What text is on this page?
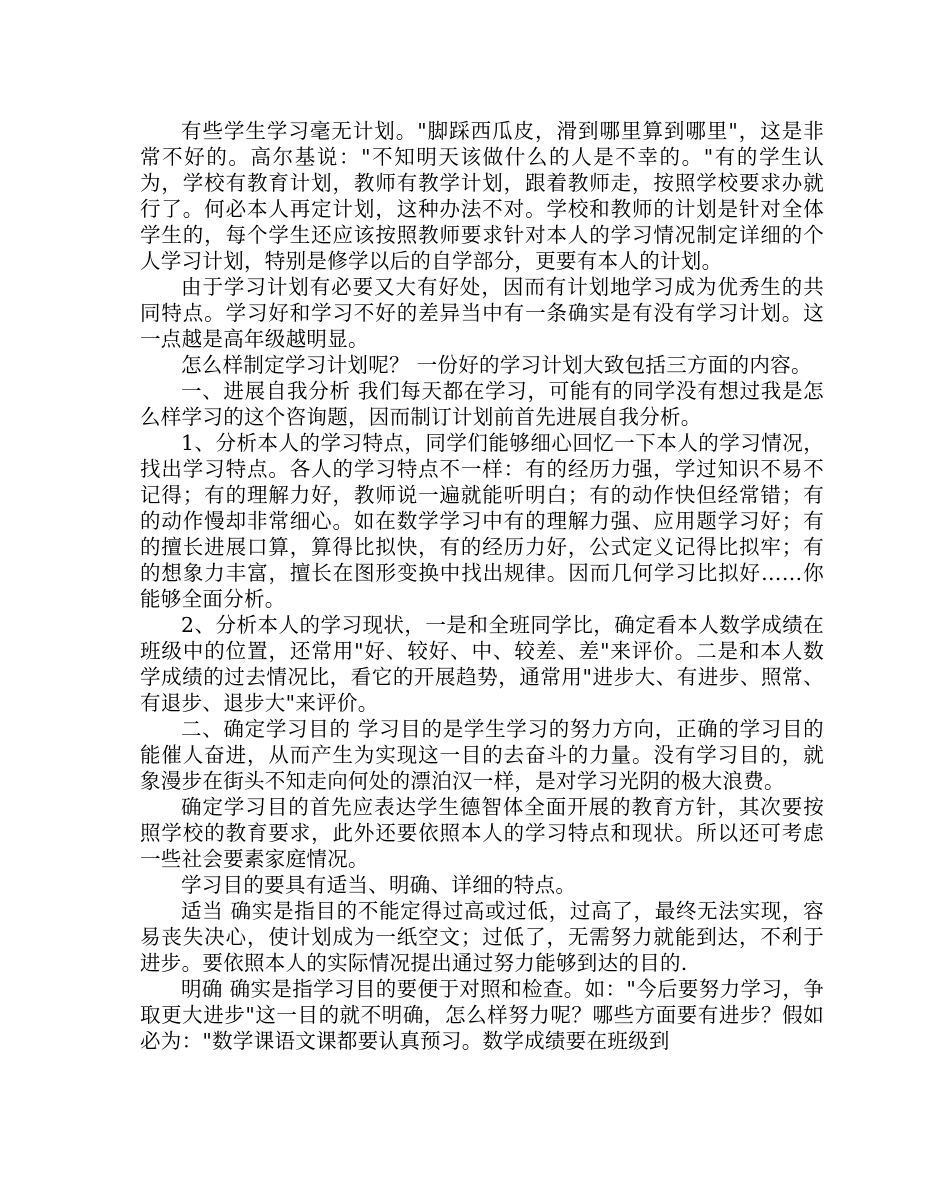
有些学生学习毫无计划。"脚踩西瓜皮，滑到哪里算到哪里"，这是非常不好的。高尔基说："不知明天该做什么的人是不幸的。"有的学生认为，学校有教育计划，教师有教学计划，跟着教师走，按照学校要求办就行了。何必本人再定计划，这种办法不对。学校和教师的计划是针对全体学生的，每个学生还应该按照教师要求针对本人的学习情况制定详细的个人学习计划，特别是修学以后的自学部分，更要有本人的计划。

由于学习计划有必要又大有好处，因而有计划地学习成为优秀生的共同特点。学习好和学习不好的差异当中有一条确实是有没有学习计划。这一点越是高年级越明显。

怎么样制定学习计划呢？ 一份好的学习计划大致包括三方面的内容。

一、进展自我分析 我们每天都在学习，可能有的同学没有想过我是怎么样学习的这个咨询题，因而制订计划前首先进展自我分析。

1、分析本人的学习特点，同学们能够细心回忆一下本人的学习情况，找出学习特点。各人的学习特点不一样：有的经历力强，学过知识不易不记得；有的理解力好，教师说一遍就能听明白；有的动作快但经常错；有的动作慢却非常细心。如在数学学习中有的理解力强、应用题学习好；有的擅长进展口算，算得比拟快，有的经历力好，公式定义记得比拟牢；有的想象力丰富，擅长在图形变换中找出规律。因而几何学习比拟好……你能够全面分析。

2、分析本人的学习现状，一是和全班同学比，确定看本人数学成绩在班级中的位置，还常用"好、较好、中、较差、差"来评价。二是和本人数学成绩的过去情况比，看它的开展趋势，通常用"进步大、有进步、照常、有退步、退步大"来评价。

二、确定学习目的 学习目的是学生学习的努力方向，正确的学习目的能催人奋进，从而产生为实现这一目的去奋斗的力量。没有学习目的，就象漫步在街头不知走向何处的漂泊汉一样，是对学习光阴的极大浪费。

确定学习目的首先应表达学生德智体全面开展的教育方针，其次要按照学校的教育要求，此外还要依照本人的学习特点和现状。所以还可考虑一些社会要素家庭情况。

学习目的要具有适当、明确、详细的特点。

适当 确实是指目的不能定得过高或过低，过高了，最终无法实现，容易丧失决心，使计划成为一纸空文；过低了，无需努力就能到达，不利于进步。要依照本人的实际情况提出通过努力能够到达的目的.

明确 确实是指学习目的要便于对照和检查。如："今后要努力学习，争取更大进步"这一目的就不明确，怎么样努力呢？哪些方面要有进步？假如必为："数学课语文课都要认真预习。数学成绩要在班级到
